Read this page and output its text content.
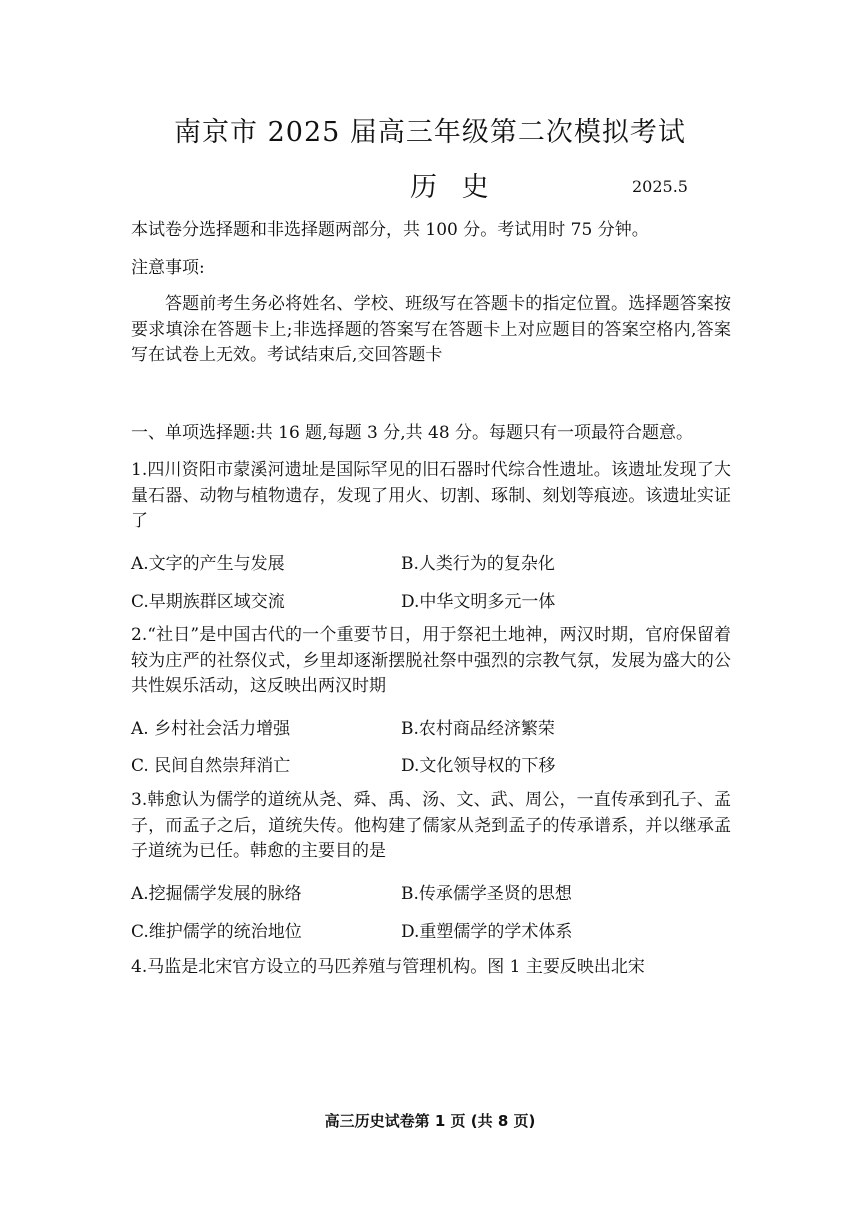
南京市 2025 届高三年级第二次模拟考试
历 史	2025.5
本试卷分选择题和非选择题两部分，共 100 分。考试用时 75 分钟。
注意事项:
答题前考生务必将姓名、学校、班级写在答题卡的指定位置。选择题答案按要求填涂在答题卡上;非选择题的答案写在答题卡上对应题目的答案空格内,答案写在试卷上无效。考试结束后,交回答题卡
一、单项选择题:共 16 题,每题 3 分,共 48 分。每题只有一项最符合题意。
1.四川资阳市蒙溪河遗址是国际罕见的旧石器时代综合性遗址。该遗址发现了大量石器、动物与植物遗存，发现了用火、切割、琢制、刻划等痕迹。该遗址实证了
A.文字的产生与发展	B.人类行为的复杂化
C.早期族群区域交流	D.中华文明多元一体
2.“社日”是中国古代的一个重要节日，用于祭祀土地神，两汉时期，官府保留着较为庄严的社祭仪式，乡里却逐渐摆脱社祭中强烈的宗教气氛，发展为盛大的公共性娱乐活动，这反映出两汉时期
A. 乡村社会活力增强	B.农村商品经济繁荣
C. 民间自然崇拜消亡	D.文化领导权的下移
3.韩愈认为儒学的道统从尧、舜、禹、汤、文、武、周公，一直传承到孔子、孟子，而孟子之后，道统失传。他构建了儒家从尧到孟子的传承谱系，并以继承孟子道统为已任。韩愈的主要目的是
A.挖掘儒学发展的脉络	B.传承儒学圣贤的思想
C.维护儒学的统治地位	D.重塑儒学的学术体系
4.马监是北宋官方设立的马匹养殖与管理机构。图 1 主要反映出北宋
高三历史试卷第 1 页 (共 8 页)
